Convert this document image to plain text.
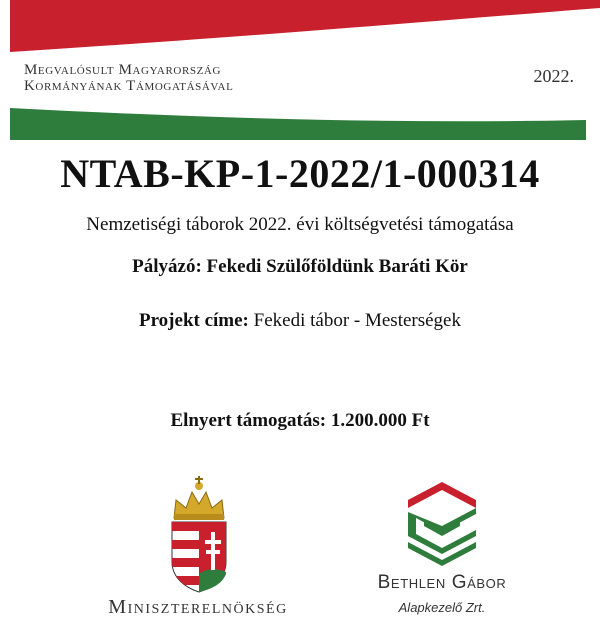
Megvalósult Magyarország
Kormányának Támogatásával	2022.
NTAB-KP-1-2022/1-000314
Nemzetiségi táborok 2022. évi költségvetési támogatása
Pályázó: Fekedi Szülőföldünk Baráti Kör
Projekt címe: Fekedi tábor - Mesterségek
Elnyert támogatás: 1.200.000 Ft
Miniszterelnökség
Bethlen Gábor
Alapkezelő Zrt.
